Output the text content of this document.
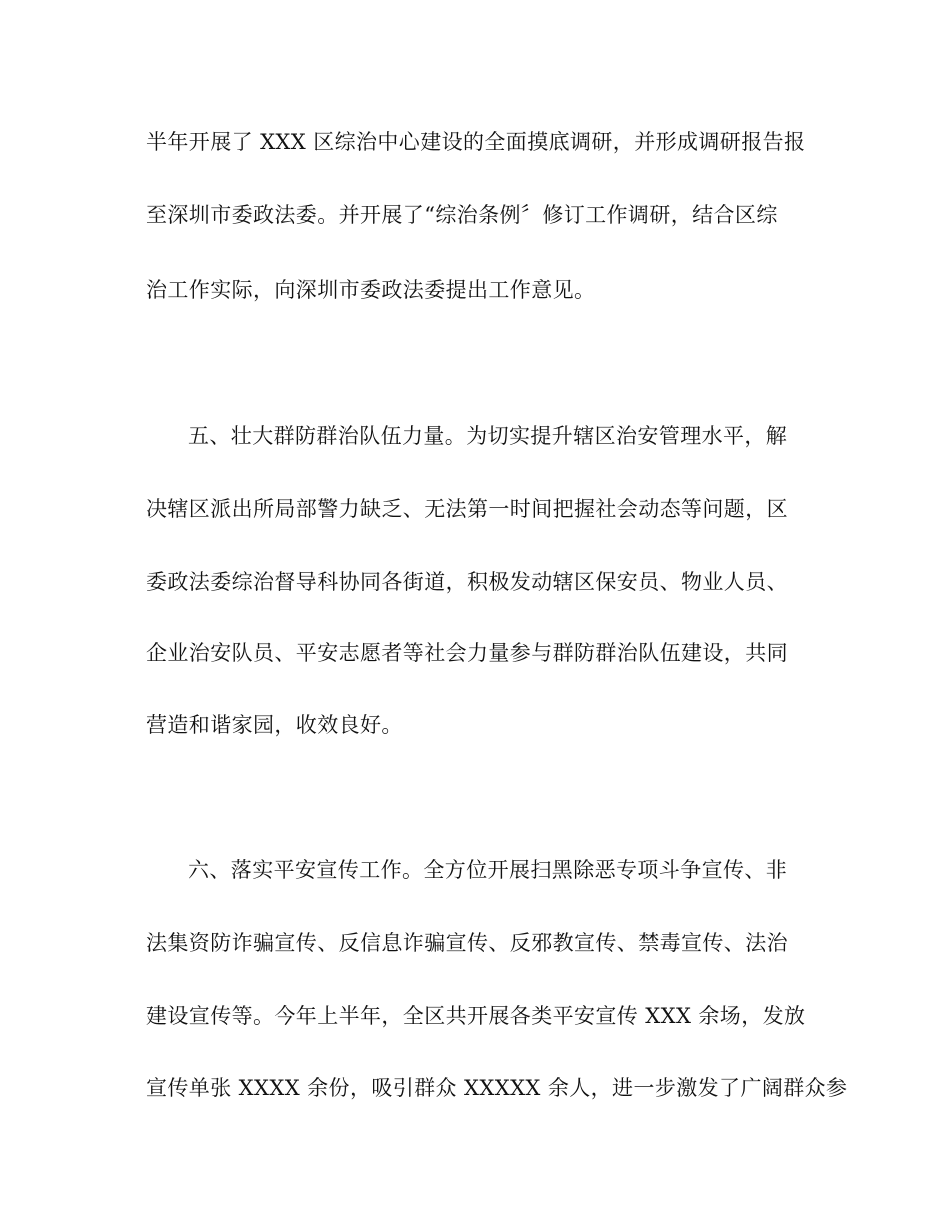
半年开展了 XXX 区综治中心建设的全面摸底调研，并形成调研报告报
至深圳市委政法委。并开展了“综治条例〞修订工作调研，结合区综
治工作实际，向深圳市委政法委提出工作意见。
五、壮大群防群治队伍力量。为切实提升辖区治安管理水平，解
决辖区派出所局部警力缺乏、无法第一时间把握社会动态等问题，区
委政法委综治督导科协同各街道，积极发动辖区保安员、物业人员、
企业治安队员、平安志愿者等社会力量参与群防群治队伍建设，共同
营造和谐家园，收效良好。
六、落实平安宣传工作。全方位开展扫黑除恶专项斗争宣传、非
法集资防诈骗宣传、反信息诈骗宣传、反邪教宣传、禁毒宣传、法治
建设宣传等。今年上半年，全区共开展各类平安宣传 XXX 余场，发放
宣传单张 XXXX 余份，吸引群众 XXXXX 余人，进一步激发了广阔群众参
